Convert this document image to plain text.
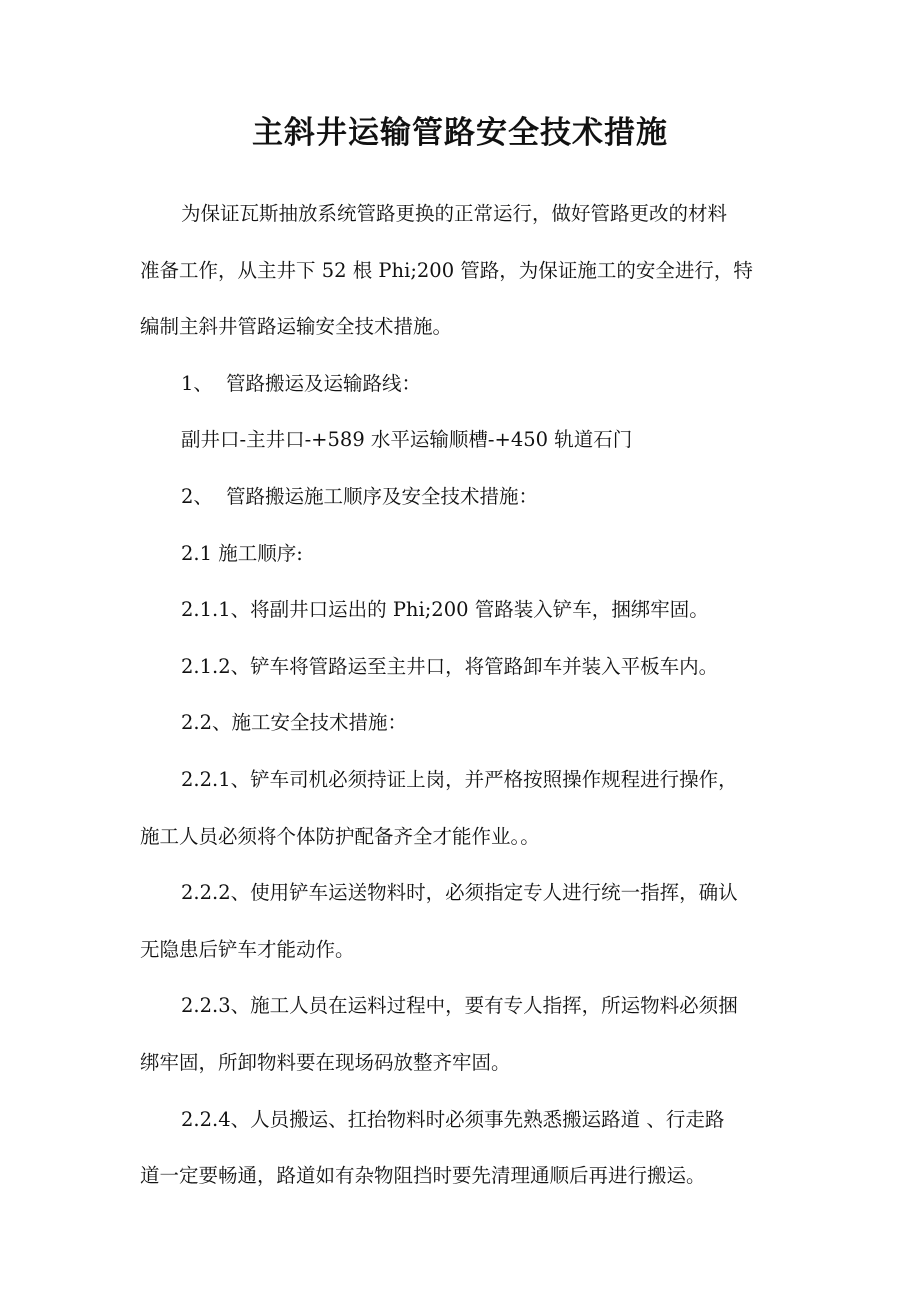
主斜井运输管路安全技术措施

为保证瓦斯抽放系统管路更换的正常运行，做好管路更改的材料

准备工作，从主井下 52 根 Phi;200 管路，为保证施工的安全进行，特

编制主斜井管路运输安全技术措施。

1、 管路搬运及运输路线：

副井口-主井口-+589 水平运输顺槽-+450 轨道石门

2、 管路搬运施工顺序及安全技术措施：

2.1 施工顺序:

2.1.1、将副井口运出的 Phi;200 管路装入铲车，捆绑牢固。

2.1.2、铲车将管路运至主井口，将管路卸车并装入平板车内。

2.2、施工安全技术措施：

2.2.1、铲车司机必须持证上岗，并严格按照操作规程进行操作，

施工人员必须将个体防护配备齐全才能作业。。

2.2.2、使用铲车运送物料时，必须指定专人进行统一指挥，确认

无隐患后铲车才能动作。

2.2.3、施工人员在运料过程中，要有专人指挥，所运物料必须捆

绑牢固，所卸物料要在现场码放整齐牢固。

2.2.4、人员搬运、扛抬物料时必须事先熟悉搬运路道 、行走路

道一定要畅通，路道如有杂物阻挡时要先清理通顺后再进行搬运。
